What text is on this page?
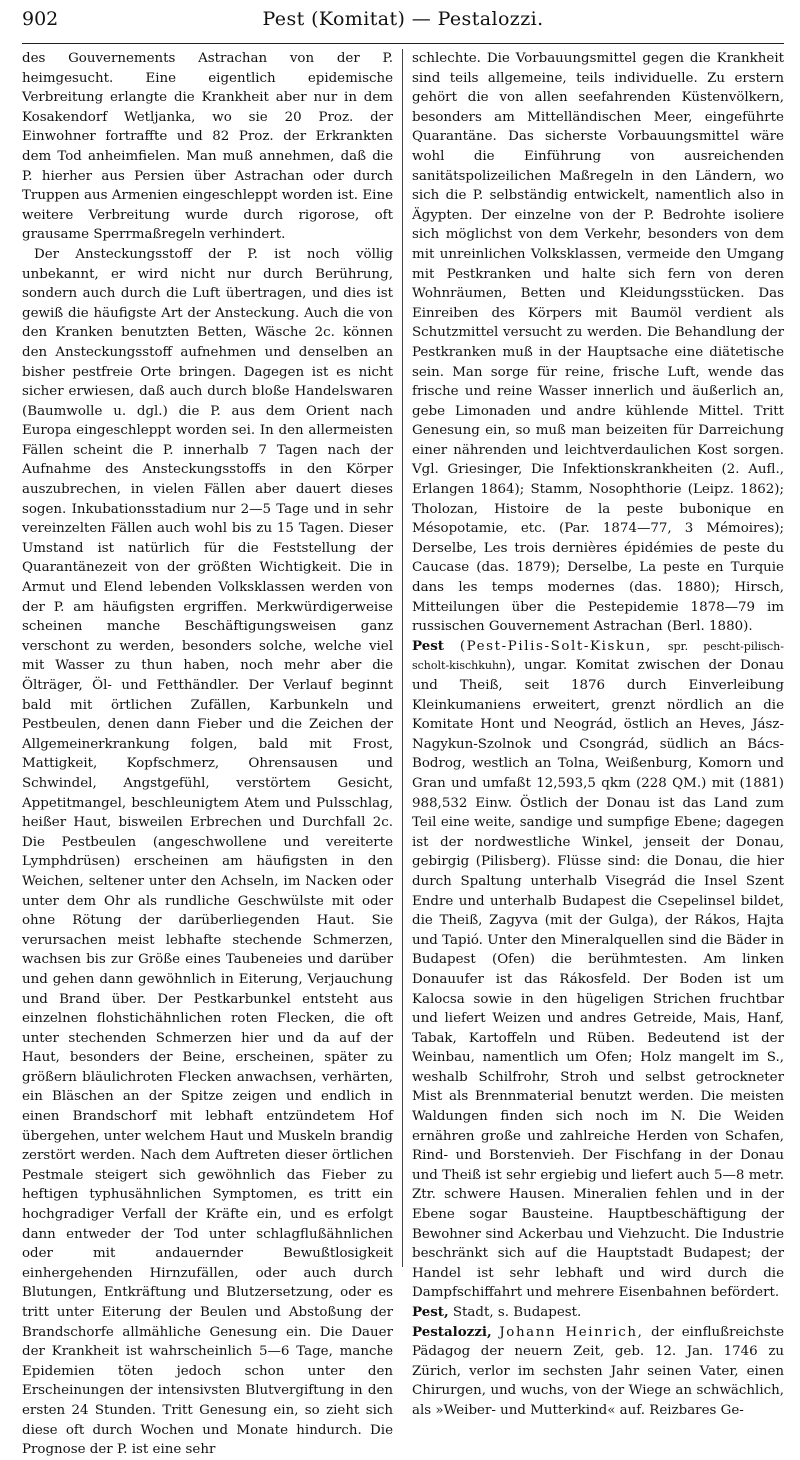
902	Pest (Komitat) — Pestalozzi.

des Gouvernements Astrachan von der P. heimgesucht. Eine eigentlich epidemische Verbreitung erlangte die Krankheit aber nur in dem Kosakendorf Wetljanka, wo sie 20 Proz. der Einwohner fortraffte und 82 Proz. der Erkrankten dem Tod anheimfielen. Man muß annehmen, daß die P. hierher aus Persien über Astrachan oder durch Truppen aus Armenien eingeschleppt worden ist. Eine weitere Verbreitung wurde durch rigorose, oft grausame Sperrmaßregeln verhindert.

Der Ansteckungsstoff der P. ist noch völlig unbekannt, er wird nicht nur durch Berührung, sondern auch durch die Luft übertragen, und dies ist gewiß die häufigste Art der Ansteckung. Auch die von den Kranken benutzten Betten, Wäsche 2c. können den Ansteckungsstoff aufnehmen und denselben an bisher pestfreie Orte bringen. Dagegen ist es nicht sicher erwiesen, daß auch durch bloße Handelswaren (Baumwolle u. dgl.) die P. aus dem Orient nach Europa eingeschleppt worden sei. In den allermeisten Fällen scheint die P. innerhalb 7 Tagen nach der Aufnahme des Ansteckungsstoffs in den Körper auszubrechen, in vielen Fällen aber dauert dieses sogen. Inkubationsstadium nur 2—5 Tage und in sehr vereinzelten Fällen auch wohl bis zu 15 Tagen. Dieser Umstand ist natürlich für die Feststellung der Quarantänezeit von der größten Wichtigkeit. Die in Armut und Elend lebenden Volksklassen werden von der P. am häufigsten ergriffen. Merkwürdigerweise scheinen manche Beschäftigungsweisen ganz verschont zu werden, besonders solche, welche viel mit Wasser zu thun haben, noch mehr aber die Ölträger, Öl- und Fetthändler. Der Verlauf beginnt bald mit örtlichen Zufällen, Karbunkeln und Pestbeulen, denen dann Fieber und die Zeichen der Allgemeinerkrankung folgen, bald mit Frost, Mattigkeit, Kopfschmerz, Ohrensausen und Schwindel, Angstgefühl, verstörtem Gesicht, Appetitmangel, beschleunigtem Atem und Pulsschlag, heißer Haut, bisweilen Erbrechen und Durchfall 2c. Die Pestbeulen (angeschwollene und vereiterte Lymphdrüsen) erscheinen am häufigsten in den Weichen, seltener unter den Achseln, im Nacken oder unter dem Ohr als rundliche Geschwülste mit oder ohne Rötung der darüberliegenden Haut. Sie verursachen meist lebhafte stechende Schmerzen, wachsen bis zur Größe eines Taubeneies und darüber und gehen dann gewöhnlich in Eiterung, Verjauchung und Brand über. Der Pestkarbunkel entsteht aus einzelnen flohstichähnlichen roten Flecken, die oft unter stechenden Schmerzen hier und da auf der Haut, besonders der Beine, erscheinen, später zu größern bläulichroten Flecken anwachsen, verhärten, ein Bläschen an der Spitze zeigen und endlich in einen Brandschorf mit lebhaft entzündetem Hof übergehen, unter welchem Haut und Muskeln brandig zerstört werden. Nach dem Auftreten dieser örtlichen Pestmale steigert sich gewöhnlich das Fieber zu heftigen typhusähnlichen Symptomen, es tritt ein hochgradiger Verfall der Kräfte ein, und es erfolgt dann entweder der Tod unter schlagflußähnlichen oder mit andauernder Bewußtlosigkeit einhergehenden Hirnzufällen, oder auch durch Blutungen, Entkräftung und Blutzersetzung, oder es tritt unter Eiterung der Beulen und Abstoßung der Brandschorfe allmähliche Genesung ein. Die Dauer der Krankheit ist wahrscheinlich 5—6 Tage, manche Epidemien töten jedoch schon unter den Erscheinungen der intensivsten Blutvergiftung in den ersten 24 Stunden. Tritt Genesung ein, so zieht sich diese oft durch Wochen und Monate hindurch. Die Prognose der P. ist eine sehr

schlechte. Die Vorbauungsmittel gegen die Krankheit sind teils allgemeine, teils individuelle. Zu erstern gehört die von allen seefahrenden Küstenvölkern, besonders am Mittelländischen Meer, eingeführte Quarantäne. Das sicherste Vorbauungsmittel wäre wohl die Einführung von ausreichenden sanitätspolizeilichen Maßregeln in den Ländern, wo sich die P. selbständig entwickelt, namentlich also in Ägypten. Der einzelne von der P. Bedrohte isoliere sich möglichst von dem Verkehr, besonders von dem mit unreinlichen Volksklassen, vermeide den Umgang mit Pestkranken und halte sich fern von deren Wohnräumen, Betten und Kleidungsstücken. Das Einreiben des Körpers mit Baumöl verdient als Schutzmittel versucht zu werden. Die Behandlung der Pestkranken muß in der Hauptsache eine diätetische sein. Man sorge für reine, frische Luft, wende das frische und reine Wasser innerlich und äußerlich an, gebe Limonaden und andre kühlende Mittel. Tritt Genesung ein, so muß man beizeiten für Darreichung einer nährenden und leichtverdaulichen Kost sorgen. Vgl. Griesinger, Die Infektionskrankheiten (2. Aufl., Erlangen 1864); Stamm, Nosophthorie (Leipz. 1862); Tholozan, Histoire de la peste bubonique en Mésopotamie, etc. (Par. 1874—77, 3 Mémoires); Derselbe, Les trois dernières épidémies de peste du Caucase (das. 1879); Derselbe, La peste en Turquie dans les temps modernes (das. 1880); Hirsch, Mitteilungen über die Pestepidemie 1878—79 im russischen Gouvernement Astrachan (Berl. 1880).

Pest (Pest-Pilis-Solt-Kiskun, spr. pescht-pilisch-scholt-kischkuhn), ungar. Komitat zwischen der Donau und Theiß, seit 1876 durch Einverleibung Kleinkumaniens erweitert, grenzt nördlich an die Komitate Hont und Neográd, östlich an Heves, Jász-Nagykun-Szolnok und Csongrád, südlich an Bács-Bodrog, westlich an Tolna, Weißenburg, Komorn und Gran und umfaßt 12,593,5 qkm (228 QM.) mit (1881) 988,532 Einw. Östlich der Donau ist das Land zum Teil eine weite, sandige und sumpfige Ebene; dagegen ist der nordwestliche Winkel, jenseit der Donau, gebirgig (Pilisberg). Flüsse sind: die Donau, die hier durch Spaltung unterhalb Visegrád die Insel Szent Endre und unterhalb Budapest die Csepelinsel bildet, die Theiß, Zagyva (mit der Gulga), der Rákos, Hajta und Tapió. Unter den Mineralquellen sind die Bäder in Budapest (Ofen) die berühmtesten. Am linken Donauufer ist das Rákosfeld. Der Boden ist um Kalocsa sowie in den hügeligen Strichen fruchtbar und liefert Weizen und andres Getreide, Mais, Hanf, Tabak, Kartoffeln und Rüben. Bedeutend ist der Weinbau, namentlich um Ofen; Holz mangelt im S., weshalb Schilfrohr, Stroh und selbst getrockneter Mist als Brennmaterial benutzt werden. Die meisten Waldungen finden sich noch im N. Die Weiden ernähren große und zahlreiche Herden von Schafen, Rind- und Borstenvieh. Der Fischfang in der Donau und Theiß ist sehr ergiebig und liefert auch 5—8 metr. Ztr. schwere Hausen. Mineralien fehlen und in der Ebene sogar Bausteine. Hauptbeschäftigung der Bewohner sind Ackerbau und Viehzucht. Die Industrie beschränkt sich auf die Hauptstadt Budapest; der Handel ist sehr lebhaft und wird durch die Dampfschiffahrt und mehrere Eisenbahnen befördert.

Pest, Stadt, s. Budapest.

Pestalozzi, Johann Heinrich, der einflußreichste Pädagog der neuern Zeit, geb. 12. Jan. 1746 zu Zürich, verlor im sechsten Jahr seinen Vater, einen Chirurgen, und wuchs, von der Wiege an schwächlich, als »Weiber- und Mutterkind« auf. Reizbares Ge-
